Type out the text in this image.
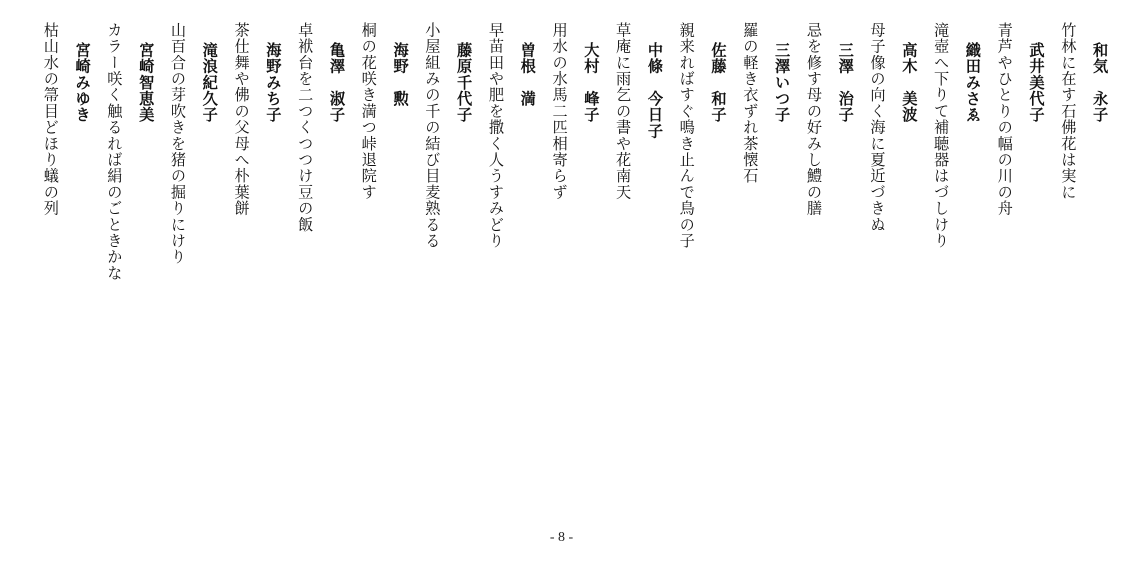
和気　永子
竹林に在す石佛花は実に
武井美代子
青芦やひとりの幅の川の舟
織田みさゑ
滝壺へ下りて補聴器はづしけり
高木　美波
母子像の向く海に夏近づきぬ
三澤　治子
忌を修す母の好みし鱧の膳
三澤いつ子
羅の軽き衣ずれ茶懐石
佐藤　和子
親来ればすぐ鳴き止んで鳥の子
中條　今日子
草庵に雨乞の書や花南天
大村　峰子
用水の水馬二匹相寄らず
曽根　満
早苗田や肥を撒く人うすみどり
藤原千代子
小屋組みの千の結び目麦熟るる
海野　勲
桐の花咲き満つ峠退院す
亀澤　淑子
卓袱台を二つくつつけ豆の飯
海野みち子
茶仕舞や佛の父母へ朴葉餅
滝浪紀久子
山百合の芽吹きを猪の掘りにけり
宮崎智恵美
カラー咲く触るれば絹のごときかな
宮崎みゆき
枯山水の箒目どほり蟻の列
- 8 -
